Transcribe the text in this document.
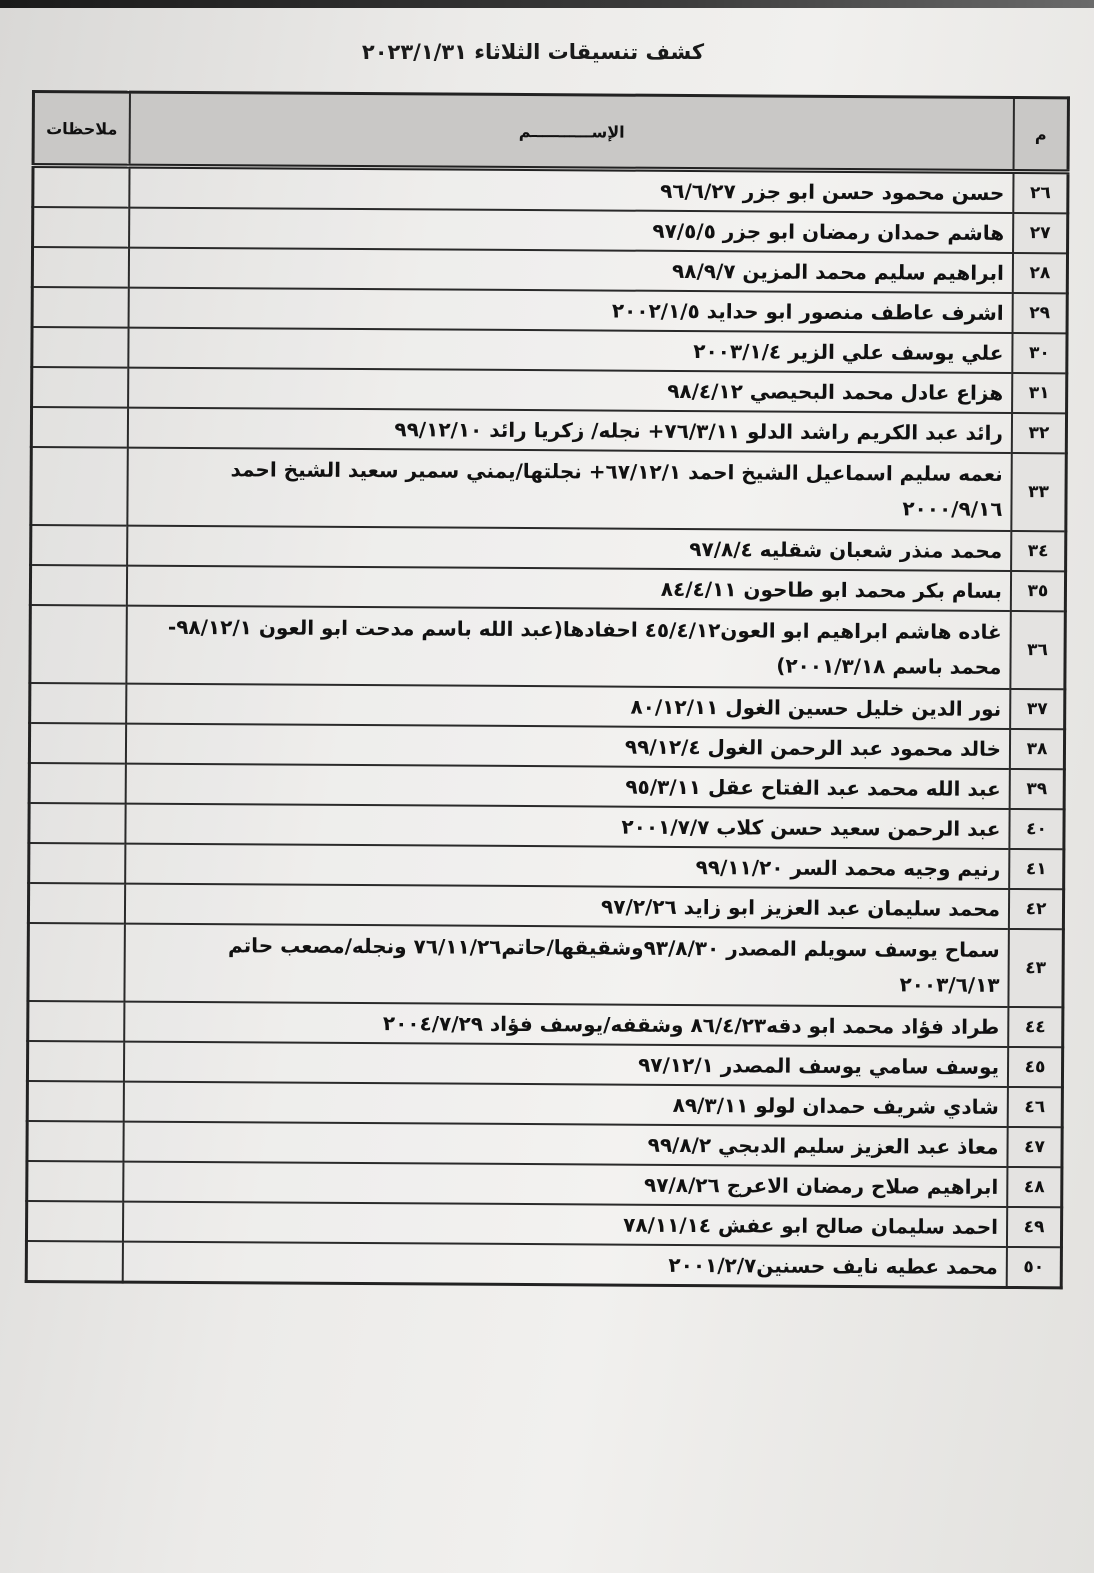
كشف تنسيقات الثلاثاء ٢٠٢٣/١/٣١
م	الإســـــــــــم	ملاحظات
٢٦	حسن محمود حسن ابو جزر ٩٦/٦/٢٧	
٢٧	هاشم حمدان رمضان ابو جزر ٩٧/٥/٥	
٢٨	ابراهيم سليم محمد المزين ٩٨/٩/٧	
٢٩	اشرف عاطف منصور ابو حدايد ٢٠٠٢/١/٥	
٣٠	علي يوسف علي الزير ٢٠٠٣/١/٤	
٣١	هزاع عادل محمد البحيصي ٩٨/٤/١٢	
٣٢	رائد عبد الكريم راشد الدلو ٧٦/٣/١١+ نجله/ زكريا رائد ٩٩/١٢/١٠	
٣٣	نعمه سليم اسماعيل الشيخ احمد ٦٧/١٢/١+ نجلتها/يمني سمير سعيد الشيخ احمد ٢٠٠٠/٩/١٦	
٣٤	محمد منذر شعبان شقليه ٩٧/٨/٤	
٣٥	بسام بكر محمد ابو طاحون ٨٤/٤/١١	
٣٦	غاده هاشم ابراهيم ابو العون٤٥/٤/١٢ احفادها(عبد الله باسم مدحت ابو العون ٩٨/١٢/١- محمد باسم ٢٠٠١/٣/١٨)	
٣٧	نور الدين خليل حسين الغول ٨٠/١٢/١١	
٣٨	خالد محمود عبد الرحمن الغول ٩٩/١٢/٤	
٣٩	عبد الله محمد عبد الفتاح عقل ٩٥/٣/١١	
٤٠	عبد الرحمن سعيد حسن كلاب ٢٠٠١/٧/٧	
٤١	رنيم وجيه محمد السر ٩٩/١١/٢٠	
٤٢	محمد سليمان عبد العزيز ابو زايد ٩٧/٢/٢٦	
٤٣	سماح يوسف سويلم المصدر ٩٣/٨/٣٠وشقيقها/حاتم٧٦/١١/٢٦ ونجله/مصعب حاتم ٢٠٠٣/٦/١٣	
٤٤	طراد فؤاد محمد ابو دقه٨٦/٤/٢٣ وشقفه/يوسف فؤاد ٢٠٠٤/٧/٢٩	
٤٥	يوسف سامي يوسف المصدر ٩٧/١٢/١	
٤٦	شادي شريف حمدان لولو ٨٩/٣/١١	
٤٧	معاذ عبد العزيز سليم الدبجي ٩٩/٨/٢	
٤٨	ابراهيم صلاح رمضان الاعرج ٩٧/٨/٢٦	
٤٩	احمد سليمان صالح ابو عفش ٧٨/١١/١٤	
٥٠	محمد عطيه نايف حسنين٢٠٠١/٢/٧	
